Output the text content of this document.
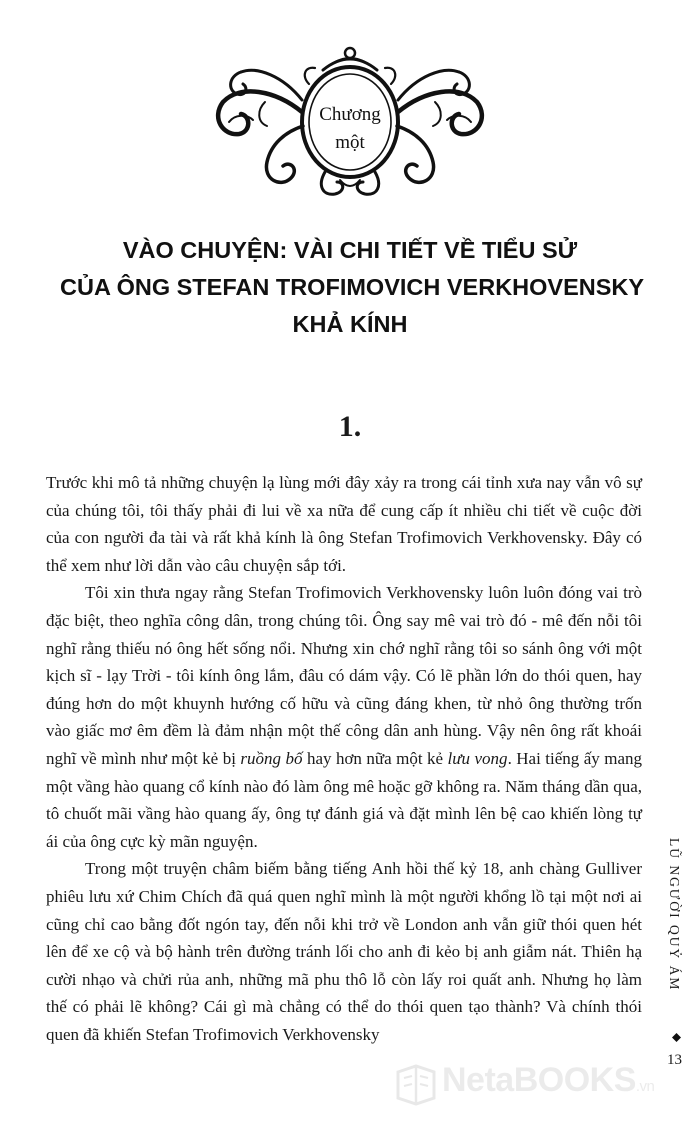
Chương
một
VÀO CHUYỆN: VÀI CHI TIẾT VỀ TIỂU SỬ
CỦA ÔNG STEFAN TROFIMOVICH VERKHOVENSKY
KHẢ KÍNH
1.

Trước khi mô tả những chuyện lạ lùng mới đây xảy ra trong cái tỉnh xưa nay vẫn vô sự của chúng tôi, tôi thấy phải đi lui về xa nữa để cung cấp ít nhiều chi tiết về cuộc đời của con người đa tài và rất khả kính là ông Stefan Trofimovich Verkhovensky. Đây có thể xem như lời dẫn vào câu chuyện sắp tới.

Tôi xin thưa ngay rằng Stefan Trofimovich Verkhovensky luôn luôn đóng vai trò đặc biệt, theo nghĩa công dân, trong chúng tôi. Ông say mê vai trò đó - mê đến nỗi tôi nghĩ rằng thiếu nó ông hết sống nổi. Nhưng xin chớ nghĩ rằng tôi so sánh ông với một kịch sĩ - lạy Trời - tôi kính ông lắm, đâu có dám vậy. Có lẽ phần lớn do thói quen, hay đúng hơn do một khuynh hướng cố hữu và cũng đáng khen, từ nhỏ ông thường trốn vào giấc mơ êm đềm là đảm nhận một thế công dân anh hùng. Vậy nên ông rất khoái nghĩ về mình như một kẻ bị ruồng bố hay hơn nữa một kẻ lưu vong. Hai tiếng ấy mang một vầng hào quang cổ kính nào đó làm ông mê hoặc gỡ không ra. Năm tháng dần qua, tô chuốt mãi vầng hào quang ấy, ông tự đánh giá và đặt mình lên bệ cao khiến lòng tự ái của ông cực kỳ mãn nguyện.

Trong một truyện châm biếm bằng tiếng Anh hồi thế kỷ 18, anh chàng Gulliver phiêu lưu xứ Chim Chích đã quá quen nghĩ mình là một người khổng lồ tại một nơi ai cũng chỉ cao bằng đốt ngón tay, đến nỗi khi trở về London anh vẫn giữ thói quen hét lên để xe cộ và bộ hành trên đường tránh lối cho anh đi kẻo bị anh giẫm nát. Thiên hạ cười nhạo và chửi rủa anh, những mã phu thô lỗ còn lấy roi quất anh. Nhưng họ làm thế có phải lẽ không? Cái gì mà chẳng có thể do thói quen tạo thành? Và chính thói quen đã khiến Stefan Trofimovich Verkhovensky

LŨ NGƯỜI QUỶ ÁM
13
NetaBOOKS.vn
